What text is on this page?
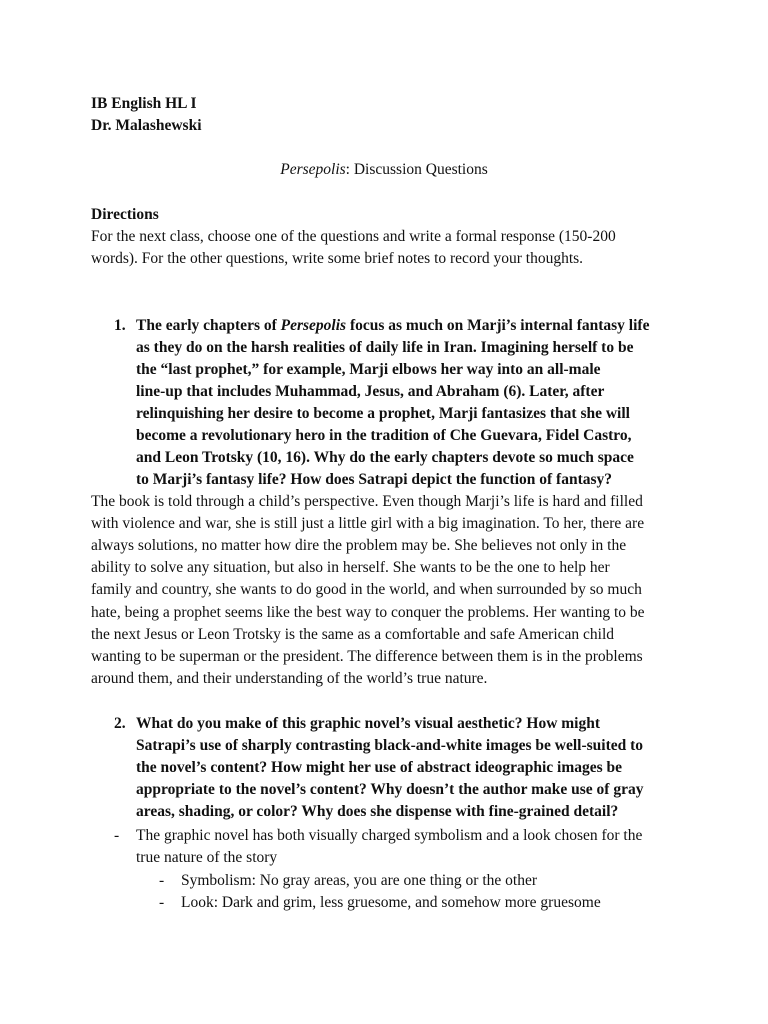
IB English HL I
Dr. Malashewski
Persepolis: Discussion Questions
Directions
For the next class, choose one of the questions and write a formal response (150-200
words). For the other questions, write some brief notes to record your thoughts.
1. The early chapters of Persepolis focus as much on Marji’s internal fantasy life
as they do on the harsh realities of daily life in Iran. Imagining herself to be
the “last prophet,” for example, Marji elbows her way into an all-male
line-up that includes Muhammad, Jesus, and Abraham (6). Later, after
relinquishing her desire to become a prophet, Marji fantasizes that she will
become a revolutionary hero in the tradition of Che Guevara, Fidel Castro,
and Leon Trotsky (10, 16). Why do the early chapters devote so much space
to Marji’s fantasy life? How does Satrapi depict the function of fantasy?
The book is told through a child’s perspective. Even though Marji’s life is hard and filled
with violence and war, she is still just a little girl with a big imagination. To her, there are
always solutions, no matter how dire the problem may be. She believes not only in the
ability to solve any situation, but also in herself. She wants to be the one to help her
family and country, she wants to do good in the world, and when surrounded by so much
hate, being a prophet seems like the best way to conquer the problems. Her wanting to be
the next Jesus or Leon Trotsky is the same as a comfortable and safe American child
wanting to be superman or the president. The difference between them is in the problems
around them, and their understanding of the world’s true nature.
2. What do you make of this graphic novel’s visual aesthetic? How might
Satrapi’s use of sharply contrasting black-and-white images be well-suited to
the novel’s content? How might her use of abstract ideographic images be
appropriate to the novel’s content? Why doesn’t the author make use of gray
areas, shading, or color? Why does she dispense with fine-grained detail?
- The graphic novel has both visually charged symbolism and a look chosen for the
true nature of the story
- Symbolism: No gray areas, you are one thing or the other
- Look: Dark and grim, less gruesome, and somehow more gruesome
